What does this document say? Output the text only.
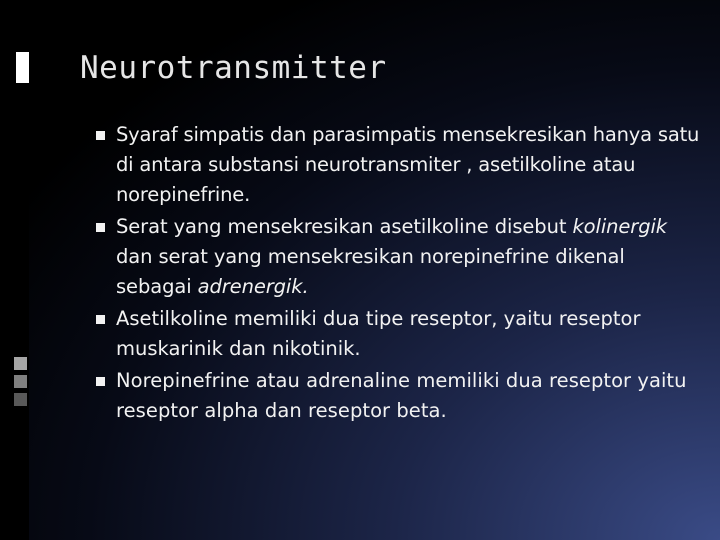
Neurotransmitter
Syaraf simpatis dan parasimpatis mensekresikan hanya satu di antara substansi neurotransmiter , asetilkoline atau norepinefrine.
Serat yang mensekresikan asetilkoline disebut kolinergik dan serat yang mensekresikan norepinefrine dikenal sebagai adrenergik.
Asetilkoline memiliki dua tipe reseptor, yaitu reseptor muskarinik dan nikotinik.
Norepinefrine atau adrenaline memiliki dua reseptor yaitu reseptor alpha dan reseptor beta.
